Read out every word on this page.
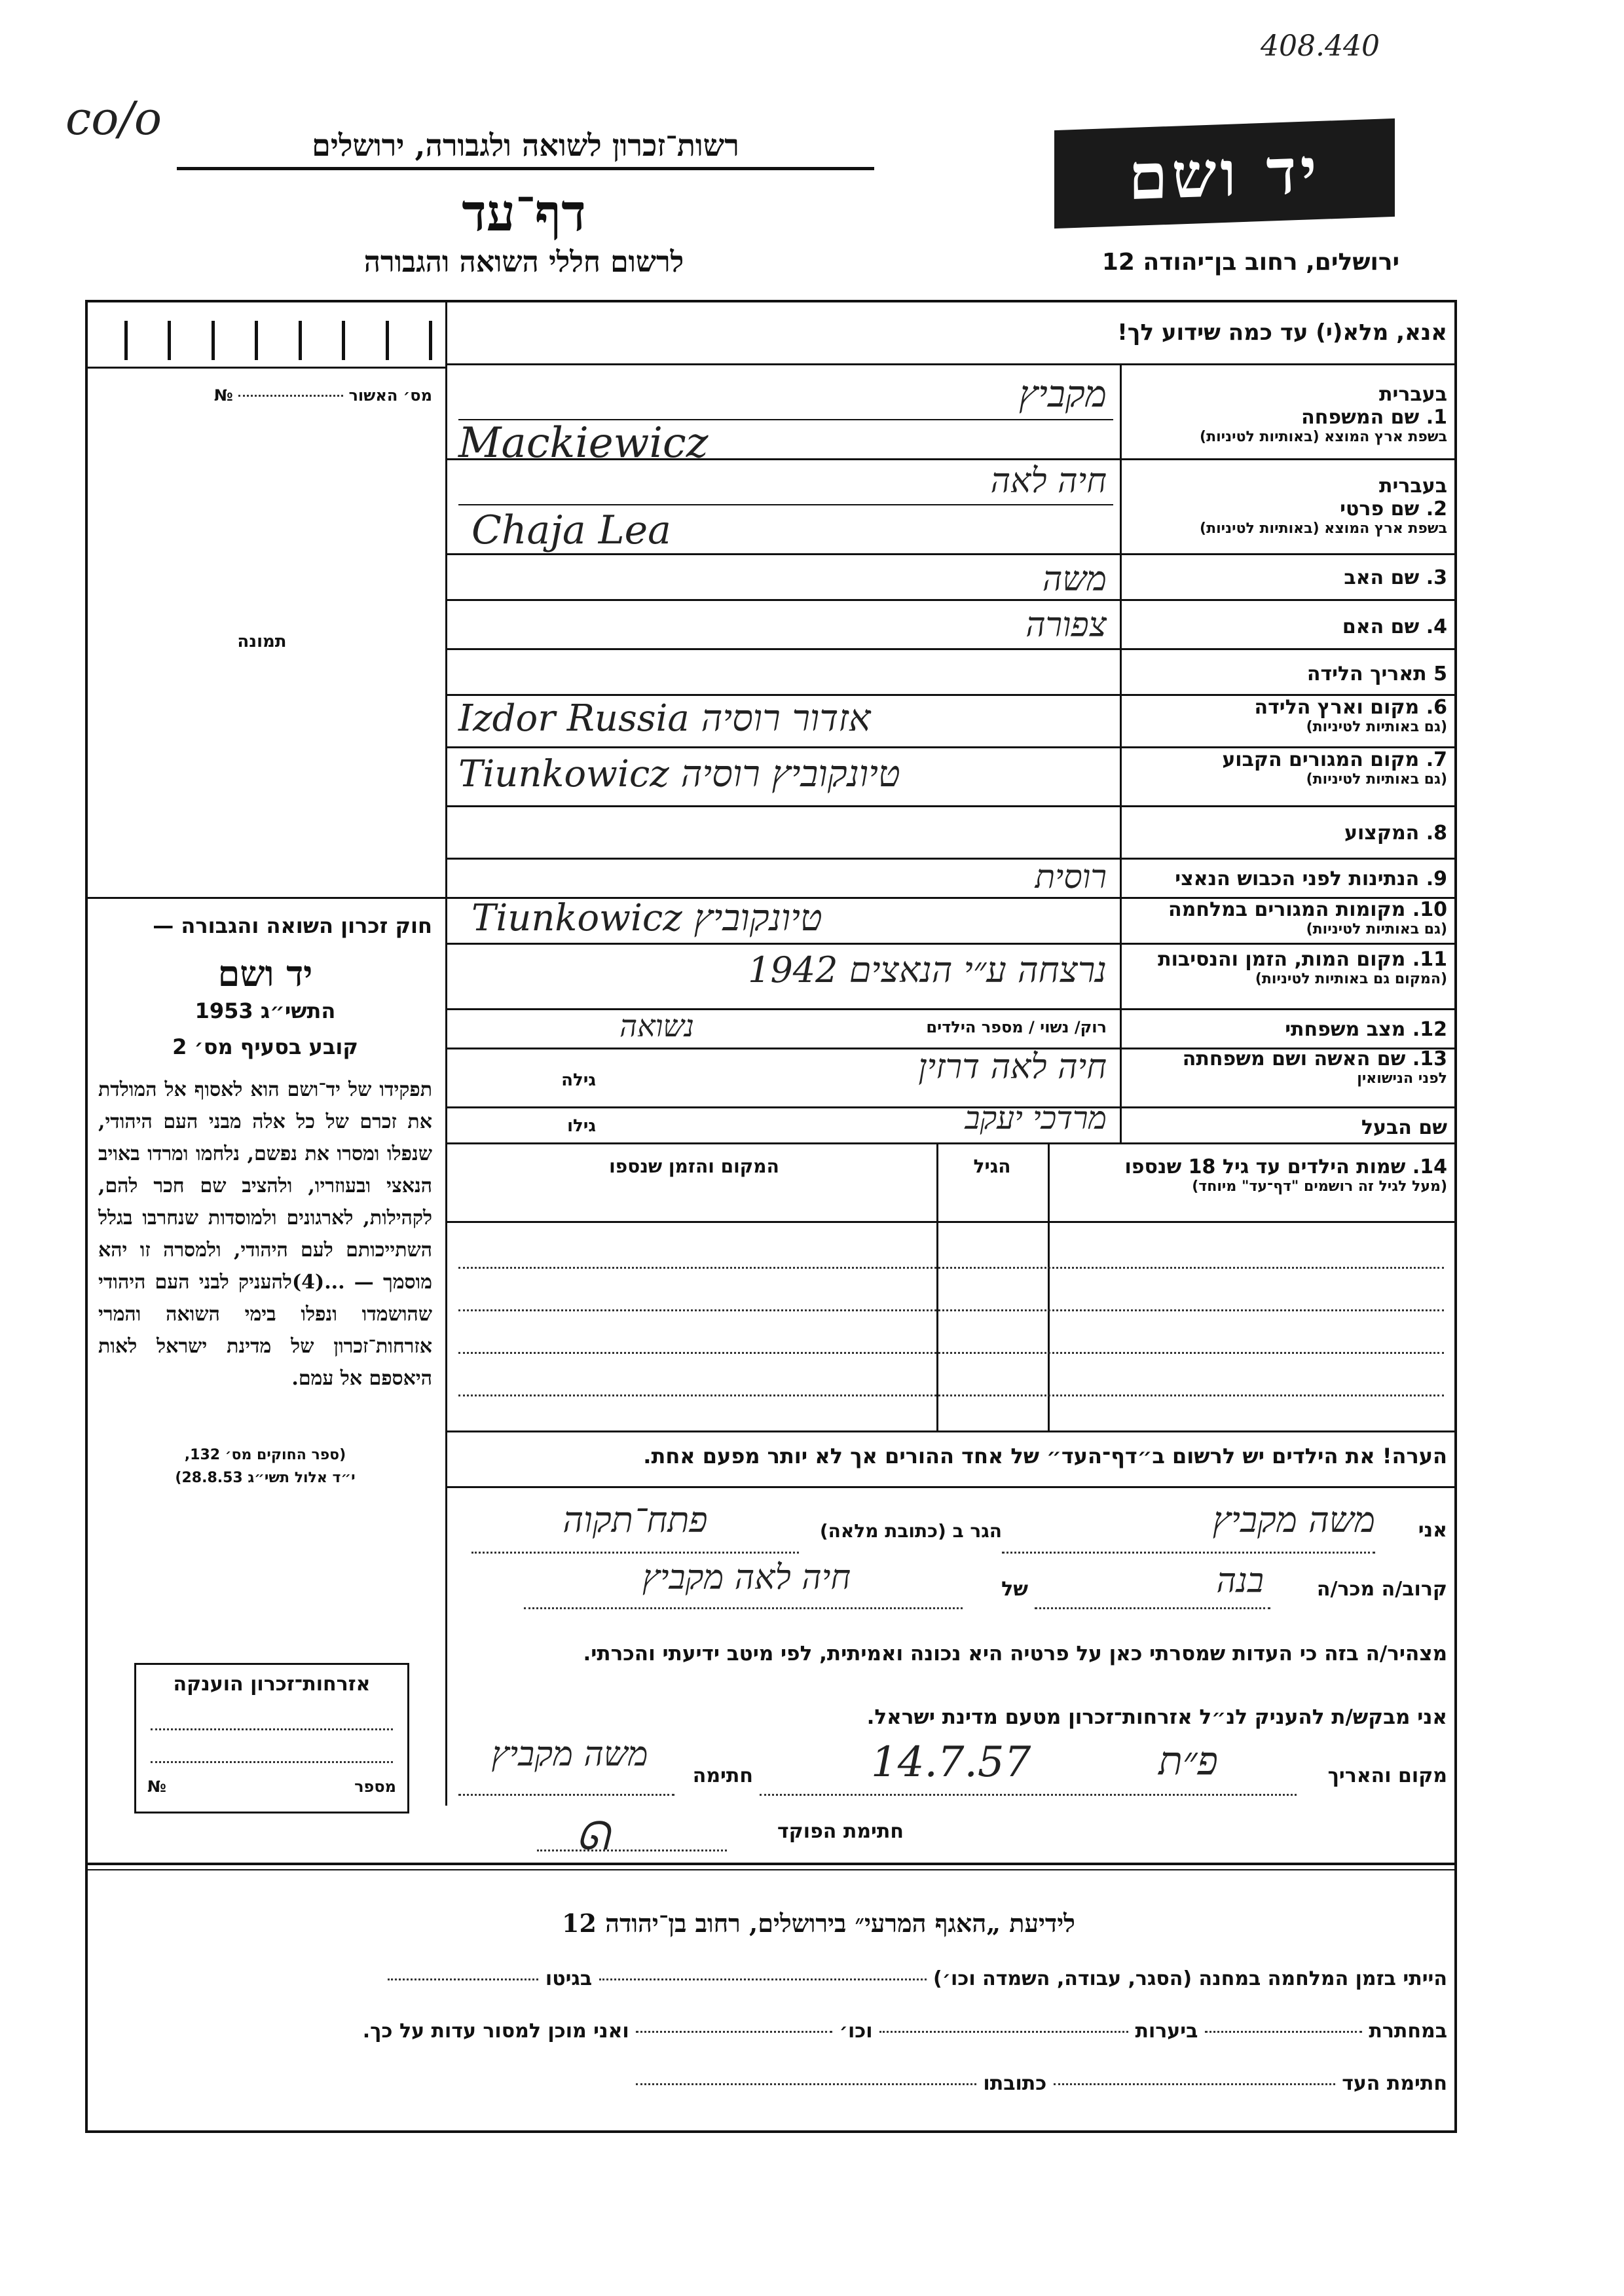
408.440
co/o	רשות־זכרון לשואה ולגבורה, ירושלים
דף־עד
לרשום חללי השואה והגבורה
יד ושם
ירושלים, רחוב בן־יהודה 12
אנא, מלא(י) עד כמה שידוע לך!
מס׳ האשור  №
תמונה
חוק זכרון השואה והגבורה —
יד ושם
התשי״ג 1953
קובע בסעיף מס׳ 2
תפקידו של יד־ושם הוא לאסוף אל המולדת את זכרם של כל אלה מבני העם היהודי, שנפלו ומסרו את נפשם, נלחמו ומרדו באויב הנאצי ובעוזריו, ולהציב שם חכר להם, לקהילות, לארגונים ולמוסדות שנחרבו בגלל השתייכותם לעם היהודי, ולמסרה זו יהא מוסמך — ...(4)להעניק לבני העם היהודי שהושמדו ונפלו בימי השואה והמרי אזרחות־זכרון של מדינת ישראל לאות היאספם אל עמם.
(ספר החוקים מס׳ 132,
י״ד אלול תשי״ג 28.8.53)
בעברית
1. שם המשפחה
בשפת ארץ המוצא (באותיות לטיניות)
מקביץ
Mackiewicz
בעברית
2. שם פרטי
בשפת ארץ המוצא (באותיות לטיניות)
חיה לאה
Chaja Lea
3. שם האב
משה
4. שם האם
צפורה
5 תאריך הלידה
6. מקום וארץ הלידה
(גם באותיות לטיניות)
Izdor Russia אזדור רוסיה
7. מקום המגורים הקבוע
(גם באותיות לטיניות)
Tiunkowicz טיונקוביץ רוסיה
8. המקצוע
9. הנתינות לפני הכבוש הנאצי
רוסית
10. מקומות המגורים במלחמה
(גם באותיות לטיניות)
Tiunkowicz טיונקוביץ
11. מקום המות, הזמן והנסיבות
(המקום גם באותיות לטיניות)
נרצחה ע״י הנאצים 1942
12. מצב משפחתי
רוק/ נשוי / מספר הילדים
נשואה
13. שם האשה ושם משפחתה
לפני הנישואין
גילה	חיה לאה דרזין
שם הבעל
גילו	מרדכי יעקב
14. שמות הילדים עד גיל 18 שנספו
(מעל לגיל זה רושמים "דף־עד" מיוחד)
הגיל
המקום והזמן שנספו
הערה! את הילדים יש לרשום ב״דף־העד״ של אחד ההורים אך לא יותר מפעם אחת.
אני
משה מקביץ
הגר ב (כתובת מלאה)
פתח־תקוה
קרוב/ה מכר/ה
בנה
של
חיה לאה מקביץ
מצהיר/ה בזה כי העדות שמסרתי כאן על פרטיה היא נכונה ואמיתית, לפי מיטב ידיעתי והכרתי.
אני מבקש/ת להעניק לנ״ל אזרחות־זכרון מטעם מדינת ישראל.
מקום והאריך
פ״ת
14.7.57
חתימה
משה מקביץ
חתימת הפוקד
ᘏ
אזרחות־זכרון הוענקה
№	מספר
לידיעת „האגף המרעי״ בירושלים, רחוב בן־יהודה 12
הייתי בזמן המלחמה במחנה (הסגר, עבודה, השמדה וכו׳)  בגיטו
במחתרת  ביערות  וכו׳  ואני מוכן למסור עדות על כך.
חתימת העד  כתובתו
